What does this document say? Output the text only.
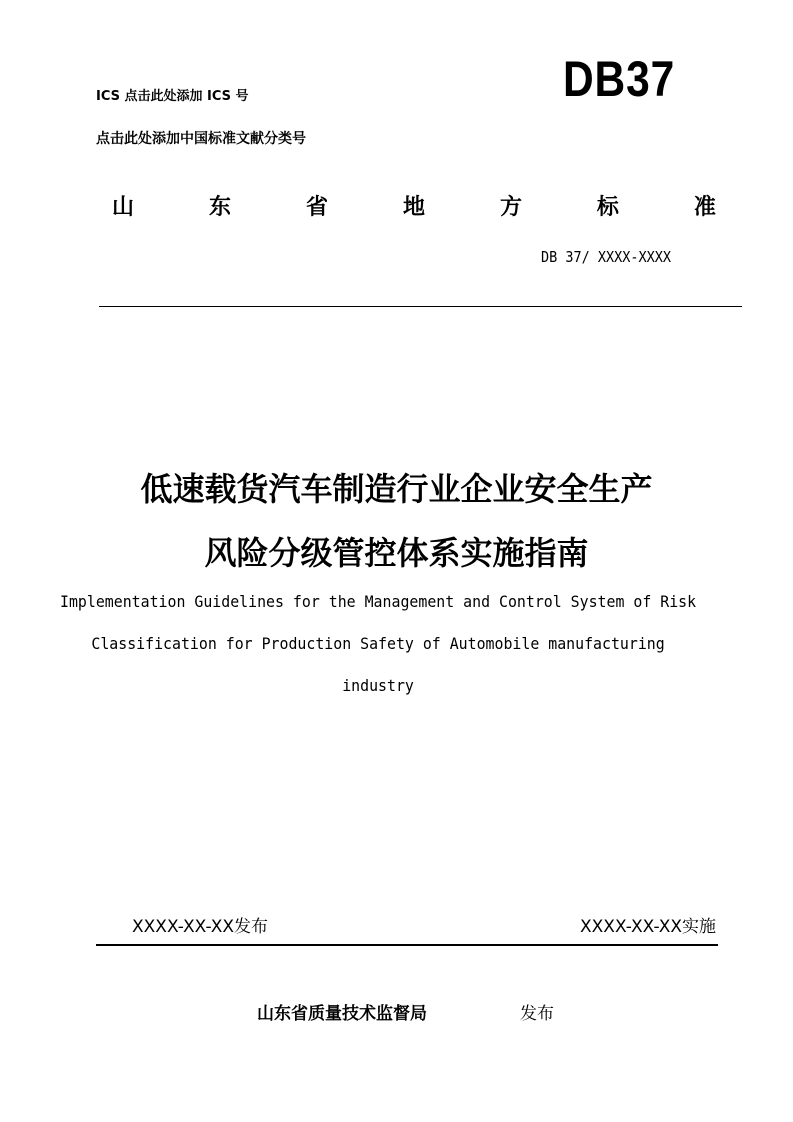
ICS 点击此处添加 ICS 号
点击此处添加中国标准文献分类号
DB37
山	东	省	地	方	标	准
DB 37/ XXXX-XXXX
低速载货汽车制造行业企业安全生产
风险分级管控体系实施指南
Implementation Guidelines for the Management and Control System of Risk
Classification for Production Safety of Automobile manufacturing
industry
XXXX-XX-XX发布	XXXX-XX-XX实施
山东省质量技术监督局	发布
